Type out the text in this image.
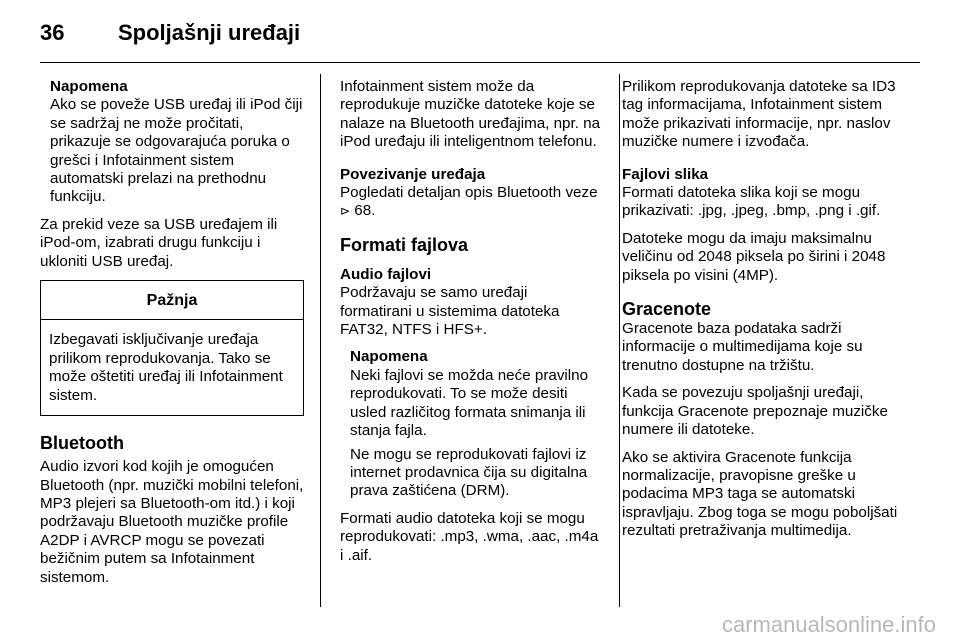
36 Spoljašnji uređaji
Napomena
Ako se poveže USB uređaj ili iPod čiji se sadržaj ne može pročitati, prikazuje se odgovarajuća poruka o grešci i Infotainment sistem automatski prelazi na prethodnu funkciju.

Za prekid veze sa USB uređajem ili iPod-om, izabrati drugu funkciju i ukloniti USB uređaj.

Pažnja
Izbegavati isključivanje uređaja prilikom reprodukovanja. Tako se može oštetiti uređaj ili Infotainment sistem.
Bluetooth

Audio izvori kod kojih je omogućen Bluetooth (npr. muzički mobilni telefoni, MP3 plejeri sa Bluetooth-om itd.) i koji podržavaju Bluetooth muzičke profile A2DP i AVRCP mogu se povezati bežičnim putem sa Infotainment sistemom.

Infotainment sistem može da reprodukuje muzičke datoteke koje se nalaze na Bluetooth uređajima, npr. na iPod uređaju ili inteligentnom telefonu.

Povezivanje uređaja

Pogledati detaljan opis Bluetooth veze ⊳ 68.

Formati fajlova
Audio fajlovi

Podržavaju se samo uređaji formatirani u sistemima datoteka FAT32, NTFS i HFS+.

Napomena

Neki fajlovi se možda neće pravilno reprodukovati. To se može desiti usled različitog formata snimanja ili stanja fajla.

Ne mogu se reprodukovati fajlovi iz internet prodavnica čija su digitalna prava zaštićena (DRM).

Formati audio datoteka koji se mogu reprodukovati: .mp3, .wma, .aac, .m4a i .aif.

Prilikom reprodukovanja datoteke sa ID3 tag informacijama, Infotainment sistem može prikazivati informacije, npr. naslov muzičke numere i izvođača.

Fajlovi slika

Formati datoteka slika koji se mogu prikazivati: .jpg, .jpeg, .bmp, .png i .gif.

Datoteke mogu da imaju maksimalnu veličinu od 2048 piksela po širini i 2048 piksela po visini (4MP).

Gracenote

Gracenote baza podataka sadrži informacije o multimedijama koje su trenutno dostupne na tržištu.

Kada se povezuju spoljašnji uređaji, funkcija Gracenote prepoznaje muzičke numere ili datoteke.

Ako se aktivira Gracenote funkcija normalizacije, pravopisne greške u podacima MP3 taga se automatski ispravljaju. Zbog toga se mogu poboljšati rezultati pretraživanja multimedija.

carmanualsonline.info
